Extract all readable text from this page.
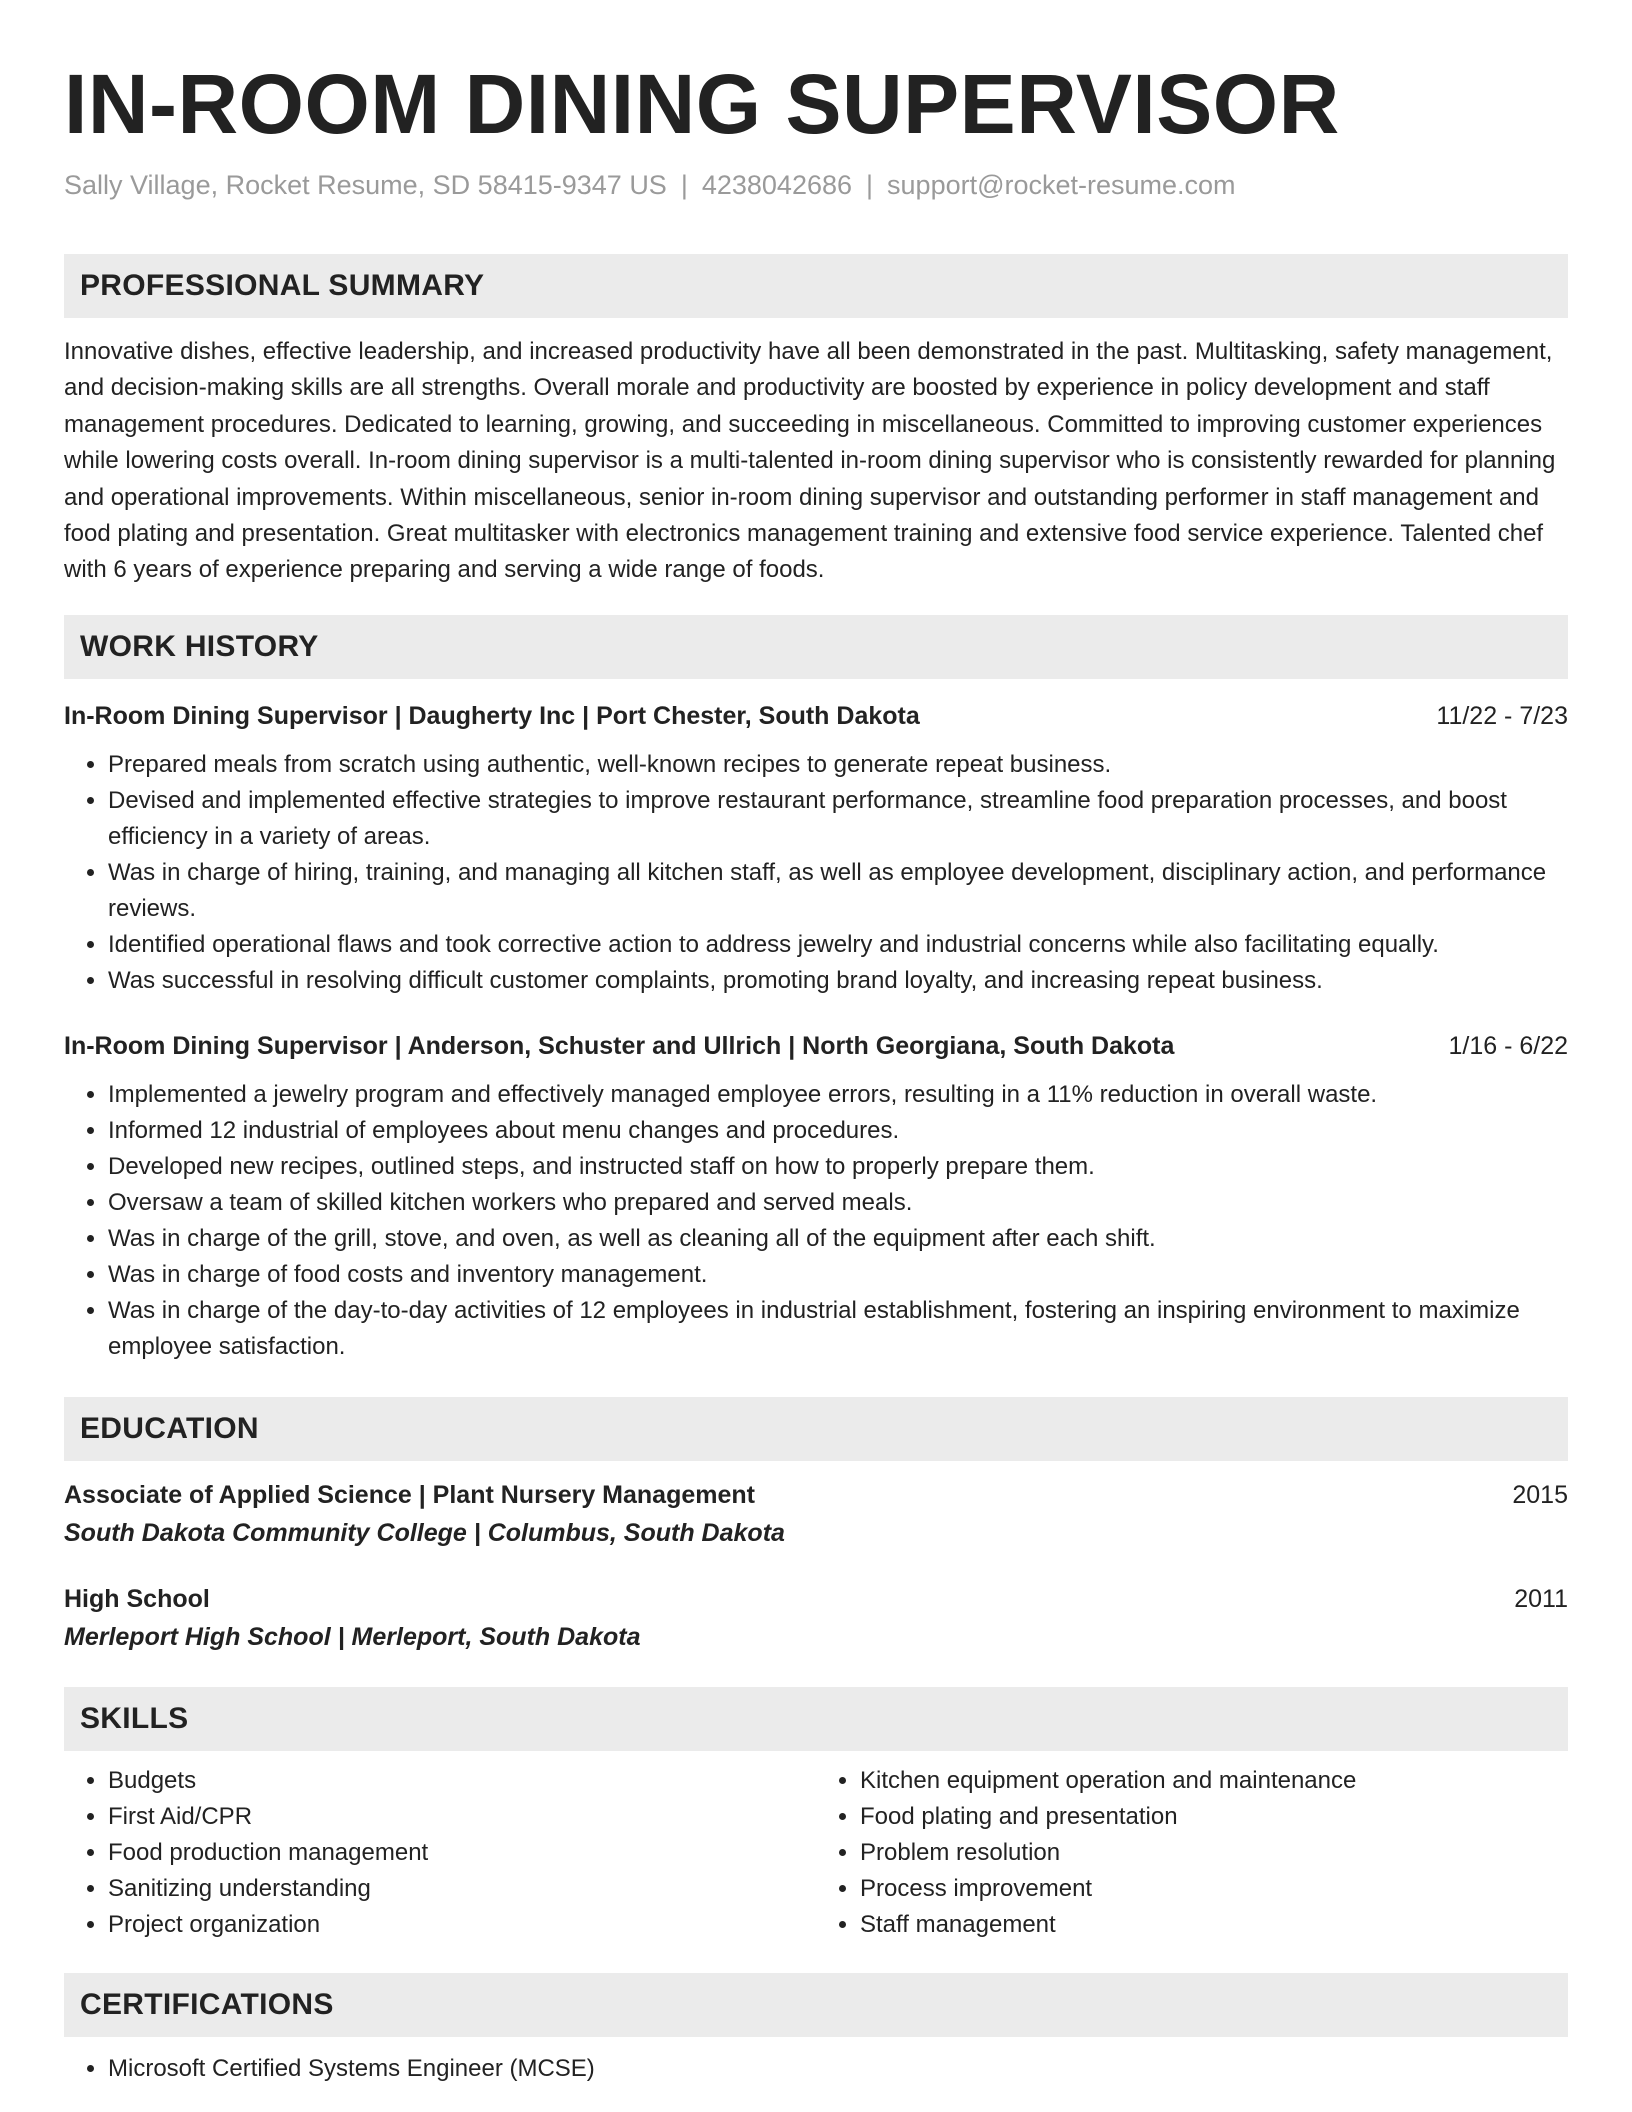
IN-ROOM DINING SUPERVISOR
Sally Village, Rocket Resume, SD 58415-9347 US | 4238042686 | support@rocket-resume.com
PROFESSIONAL SUMMARY
Innovative dishes, effective leadership, and increased productivity have all been demonstrated in the past. Multitasking, safety management, and decision-making skills are all strengths. Overall morale and productivity are boosted by experience in policy development and staff management procedures. Dedicated to learning, growing, and succeeding in miscellaneous. Committed to improving customer experiences while lowering costs overall. In-room dining supervisor is a multi-talented in-room dining supervisor who is consistently rewarded for planning and operational improvements. Within miscellaneous, senior in-room dining supervisor and outstanding performer in staff management and food plating and presentation. Great multitasker with electronics management training and extensive food service experience. Talented chef with 6 years of experience preparing and serving a wide range of foods.
WORK HISTORY
In-Room Dining Supervisor | Daugherty Inc | Port Chester, South Dakota	11/22 - 7/23
• Prepared meals from scratch using authentic, well-known recipes to generate repeat business.
• Devised and implemented effective strategies to improve restaurant performance, streamline food preparation processes, and boost efficiency in a variety of areas.
• Was in charge of hiring, training, and managing all kitchen staff, as well as employee development, disciplinary action, and performance reviews.
• Identified operational flaws and took corrective action to address jewelry and industrial concerns while also facilitating equally.
• Was successful in resolving difficult customer complaints, promoting brand loyalty, and increasing repeat business.
In-Room Dining Supervisor | Anderson, Schuster and Ullrich | North Georgiana, South Dakota	1/16 - 6/22
• Implemented a jewelry program and effectively managed employee errors, resulting in a 11% reduction in overall waste.
• Informed 12 industrial of employees about menu changes and procedures.
• Developed new recipes, outlined steps, and instructed staff on how to properly prepare them.
• Oversaw a team of skilled kitchen workers who prepared and served meals.
• Was in charge of the grill, stove, and oven, as well as cleaning all of the equipment after each shift.
• Was in charge of food costs and inventory management.
• Was in charge of the day-to-day activities of 12 employees in industrial establishment, fostering an inspiring environment to maximize employee satisfaction.
EDUCATION
Associate of Applied Science | Plant Nursery Management	2015
South Dakota Community College | Columbus, South Dakota
High School	2011
Merleport High School | Merleport, South Dakota
SKILLS
• Budgets
• First Aid/CPR
• Food production management
• Sanitizing understanding
• Project organization
• Kitchen equipment operation and maintenance
• Food plating and presentation
• Problem resolution
• Process improvement
• Staff management
CERTIFICATIONS
• Microsoft Certified Systems Engineer (MCSE)
